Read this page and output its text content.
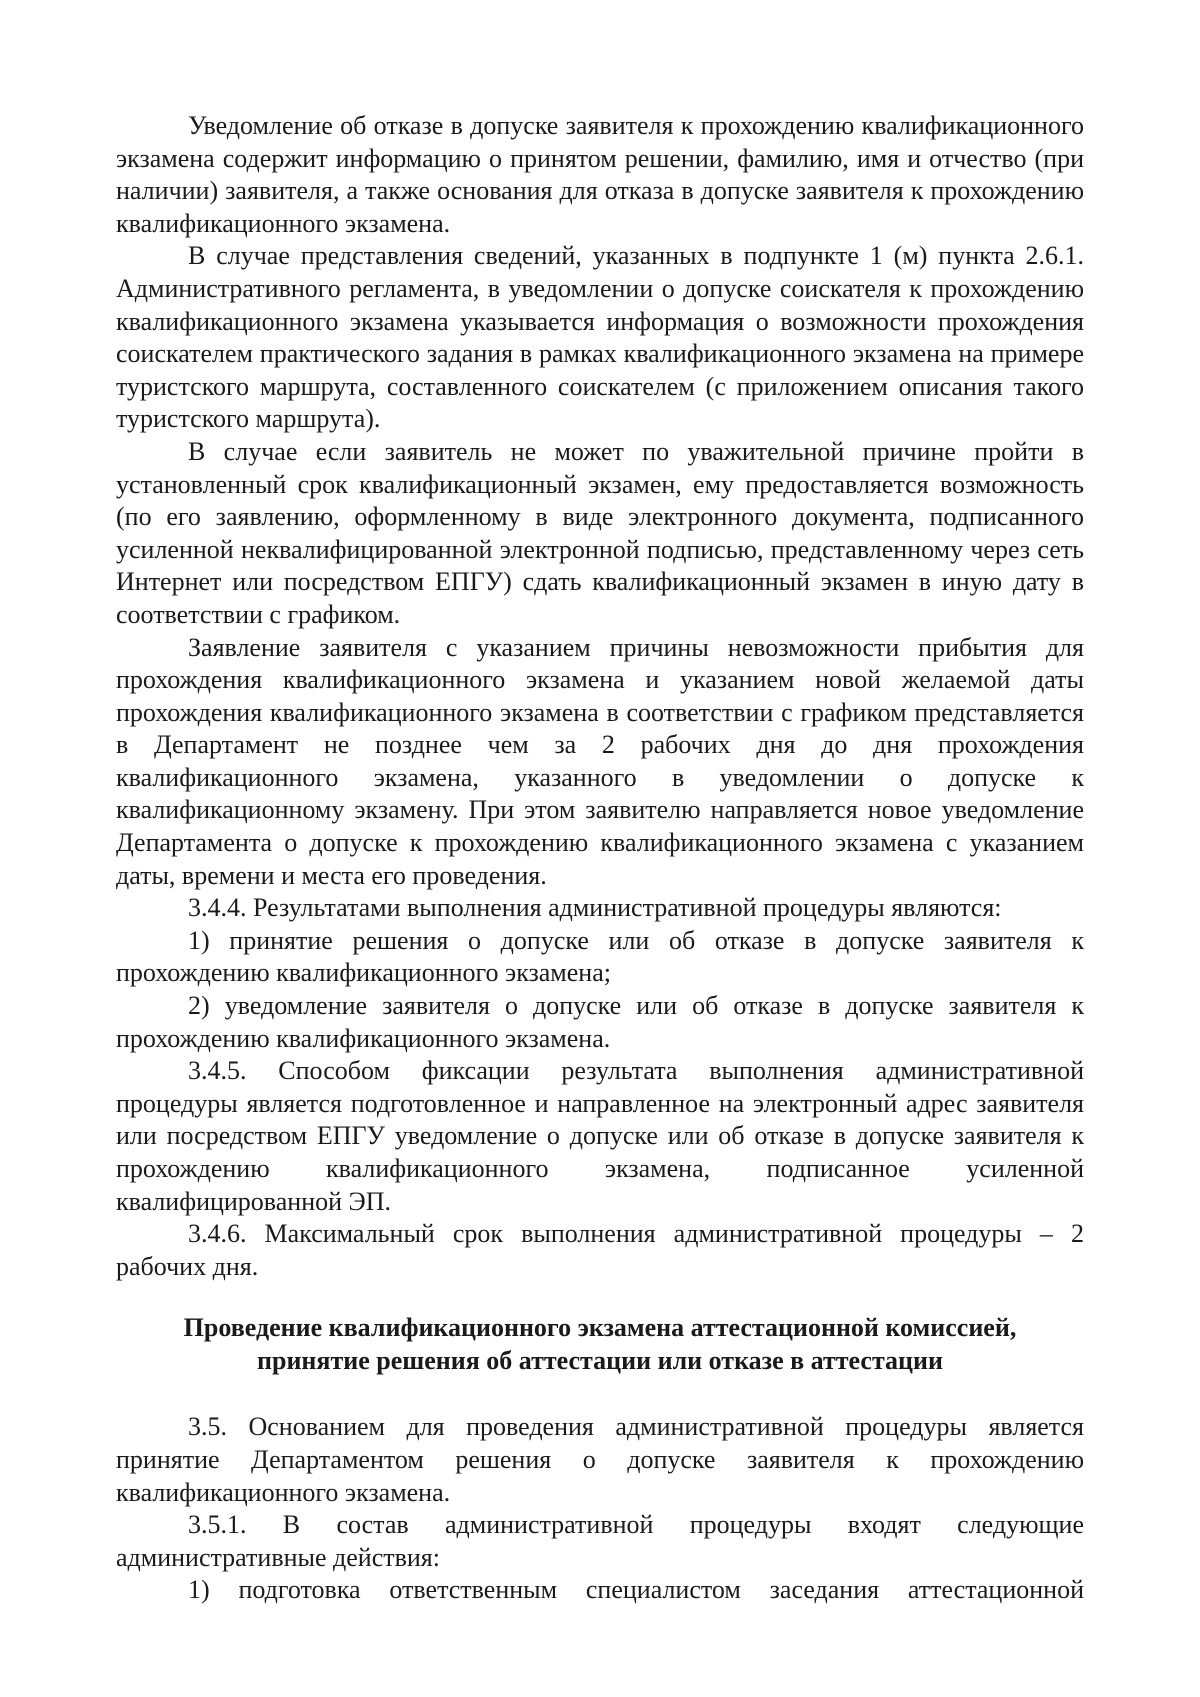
Уведомление об отказе в допуске заявителя к прохождению квалификационного экзамена содержит информацию о принятом решении, фамилию, имя и отчество (при наличии) заявителя, а также основания для отказа в допуске заявителя к прохождению квалификационного экзамена.

В случае представления сведений, указанных в подпункте 1 (м) пункта 2.6.1. Административного регламента, в уведомлении о допуске соискателя к прохождению квалификационного экзамена указывается информация о возможности прохождения соискателем практического задания в рамках квалификационного экзамена на примере туристского маршрута, составленного соискателем (с приложением описания такого туристского маршрута).

В случае если заявитель не может по уважительной причине пройти в установленный срок квалификационный экзамен, ему предоставляется возможность (по его заявлению, оформленному в виде электронного документа, подписанного усиленной неквалифицированной электронной подписью, представленному через сеть Интернет или посредством ЕПГУ) сдать квалификационный экзамен в иную дату в соответствии с графиком.

Заявление заявителя с указанием причины невозможности прибытия для прохождения квалификационного экзамена и указанием новой желаемой даты прохождения квалификационного экзамена в соответствии с графиком представляется в Департамент не позднее чем за 2 рабочих дня до дня прохождения квалификационного экзамена, указанного в уведомлении о допуске к квалификационному экзамену. При этом заявителю направляется новое уведомление Департамента о допуске к прохождению квалификационного экзамена с указанием даты, времени и места его проведения.

3.4.4. Результатами выполнения административной процедуры являются:

1) принятие решения о допуске или об отказе в допуске заявителя к прохождению квалификационного экзамена;

2) уведомление заявителя о допуске или об отказе в допуске заявителя к прохождению квалификационного экзамена.

3.4.5. Способом фиксации результата выполнения административной процедуры является подготовленное и направленное на электронный адрес заявителя или посредством ЕПГУ уведомление о допуске или об отказе в допуске заявителя к прохождению квалификационного экзамена, подписанное усиленной квалифицированной ЭП.

3.4.6. Максимальный срок выполнения административной процедуры – 2 рабочих дня.

Проведение квалификационного экзамена аттестационной комиссией,
принятие решения об аттестации или отказе в аттестации

3.5. Основанием для проведения административной процедуры является принятие Департаментом решения о допуске заявителя к прохождению квалификационного экзамена.

3.5.1. В состав административной процедуры входят следующие административные действия:

1) подготовка ответственным специалистом заседания аттестационной
